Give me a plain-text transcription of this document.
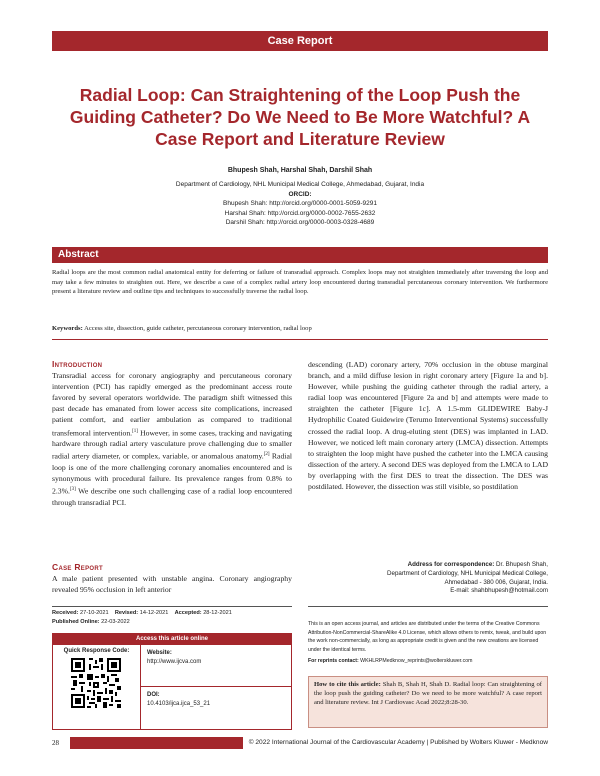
Case Report
Radial Loop: Can Straightening of the Loop Push the Guiding Catheter? Do We Need to Be More Watchful? A Case Report and Literature Review
Bhupesh Shah, Harshal Shah, Darshil Shah
Department of Cardiology, NHL Municipal Medical College, Ahmedabad, Gujarat, India
ORCID:
Bhupesh Shah: http://orcid.org/0000-0001-5059-9291
Harshal Shah: http://orcid.org/0000-0002-7655-2632
Darshil Shah: http://orcid.org/0000-0003-0328-4689
Abstract

Radial loops are the most common radial anatomical entity for deferring or failure of transradial approach. Complex loops may not straighten immediately after traversing the loop and may take a few minutes to straighten out. Here, we describe a case of a complex radial artery loop encountered during transradial percutaneous coronary intervention. We furthermore present a literature review and outline tips and techniques to successfully traverse the radial loop.

Keywords: Access site, dissection, guide catheter, percutaneous coronary intervention, radial loop
Introduction

Transradial access for coronary angiography and percutaneous coronary intervention (PCI) has rapidly emerged as the predominant access route favored by several operators worldwide. The paradigm shift witnessed this past decade has emanated from lower access site complications, increased patient comfort, and earlier ambulation as compared to traditional transfemoral intervention.[1] However, in some cases, tracking and navigating hardware through radial artery vasculature prove challenging due to smaller radial artery diameter, or complex, variable, or anomalous anatomy.[2] Radial loop is one of the more challenging coronary anomalies encountered and is synonymous with procedural failure. Its prevalence ranges from 0.8% to 2.3%.[3] We describe one such challenging case of a radial loop encountered through transradial PCI.

Case Report

A male patient presented with unstable angina. Coronary angiography revealed 95% occlusion in left anterior

descending (LAD) coronary artery, 70% occlusion in the obtuse marginal branch, and a mild diffuse lesion in right coronary artery [Figure 1a and b]. However, while pushing the guiding catheter through the radial artery, a radial loop was encountered [Figure 2a and b] and attempts were made to straighten the catheter [Figure 1c]. A 1.5-mm GLIDEWIRE Baby-J Hydrophilic Coated Guidewire (Terumo Interventional Systems) successfully crossed the radial loop. A drug-eluting stent (DES) was implanted in LAD. However, we noticed left main coronary artery (LMCA) dissection. Attempts to straighten the loop might have pushed the catheter into the LMCA causing dissection of the artery. A second DES was deployed from the LMCA to LAD by overlapping with the first DES to treat the dissection. The DES was postdilated. However, the dissection was still visible, so postdilation

Address for correspondence: Dr. Bhupesh Shah,
Department of Cardiology, NHL Municipal Medical College,
Ahmedabad - 380 006, Gujarat, India.
E-mail: shahbhupesh@hotmail.com
Received: 27-10-2021 Revised: 14-12-2021 Accepted: 28-12-2021
Published Online: 22-03-2022
Access this article online
Quick Response Code:	Website:
http://www.ijcva.com
DOI:
10.4103/ijca.ijca_53_21

This is an open access journal, and articles are distributed under the terms of the Creative Commons Attribution-NonCommercial-ShareAlike 4.0 License, which allows others to remix, tweak, and build upon the work non-commercially, as long as appropriate credit is given and the new creations are licensed under the identical terms.

For reprints contact: WKHLRPMedknow_reprints@wolterskluwer.com

How to cite this article: Shah B, Shah H, Shah D. Radial loop: Can straightening of the loop push the guiding catheter? Do we need to be more watchful? A case report and literature review. Int J Cardiovasc Acad 2022;8:28-30.
28	© 2022 International Journal of the Cardiovascular Academy | Published by Wolters Kluwer - Medknow
